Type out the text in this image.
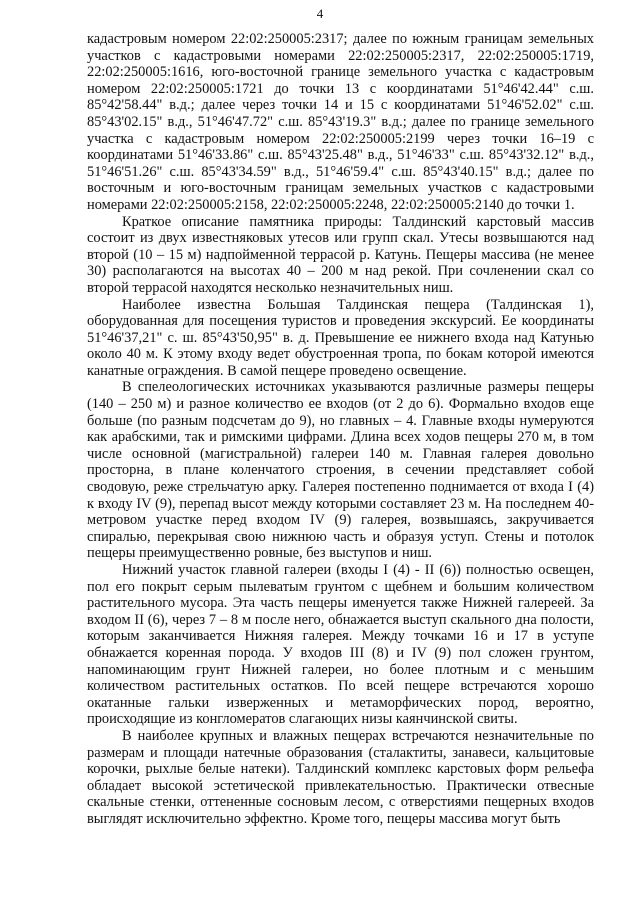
4

кадастровым номером 22:02:250005:2317; далее по южным границам земельных участков с кадастровыми номерами 22:02:250005:2317, 22:02:250005:1719, 22:02:250005:1616, юго-восточной границе земельного участка с кадастровым номером 22:02:250005:1721 до точки 13 с координатами 51°46'42.44" с.ш. 85°42'58.44" в.д.; далее через точки 14 и 15 с координатами 51°46'52.02" с.ш. 85°43'02.15" в.д., 51°46'47.72" с.ш. 85°43'19.3" в.д.; далее по границе земельного участка с кадастровым номером 22:02:250005:2199 через точки 16–19 с координатами 51°46'33.86" с.ш. 85°43'25.48" в.д., 51°46'33" с.ш. 85°43'32.12" в.д., 51°46'51.26" с.ш. 85°43'34.59" в.д., 51°46'59.4" с.ш. 85°43'40.15" в.д.; далее по восточным и юго-восточным границам земельных участков с кадастровыми номерами 22:02:250005:2158, 22:02:250005:2248, 22:02:250005:2140 до точки 1.

Краткое описание памятника природы: Талдинский карстовый массив состоит из двух известняковых утесов или групп скал. Утесы возвышаются над второй (10 – 15 м) надпойменной террасой р. Катунь. Пещеры массива (не менее 30) располагаются на высотах 40 – 200 м над рекой. При сочленении скал со второй террасой находятся несколько незначительных ниш.

Наиболее известна Большая Талдинская пещера (Талдинская 1), оборудованная для посещения туристов и проведения экскурсий. Ее координаты 51°46'37,21" с. ш. 85°43'50,95" в. д. Превышение ее нижнего входа над Катунью около 40 м. К этому входу ведет обустроенная тропа, по бокам которой имеются канатные ограждения. В самой пещере проведено освещение.

В спелеологических источниках указываются различные размеры пещеры (140 – 250 м) и разное количество ее входов (от 2 до 6). Формально входов еще больше (по разным подсчетам до 9), но главных – 4. Главные входы нумеруются как арабскими, так и римскими цифрами. Длина всех ходов пещеры 270 м, в том числе основной (магистральной) галереи 140 м. Главная галерея довольно просторна, в плане коленчатого строения, в сечении представляет собой сводовую, реже стрельчатую арку. Галерея постепенно поднимается от входа I (4) к входу IV (9), перепад высот между которыми составляет 23 м. На последнем 40-метровом участке перед входом IV (9) галерея, возвышаясь, закручивается спиралью, перекрывая свою нижнюю часть и образуя уступ. Стены и потолок пещеры преимущественно ровные, без выступов и ниш.

Нижний участок главной галереи (входы I (4) - II (6)) полностью освещен, пол его покрыт серым пылеватым грунтом с щебнем и большим количеством растительного мусора. Эта часть пещеры именуется также Нижней галереей. За входом II (6), через 7 – 8 м после него, обнажается выступ скального дна полости, которым заканчивается Нижняя галерея. Между точками 16 и 17 в уступе обнажается коренная порода. У входов III (8) и IV (9) пол сложен грунтом, напоминающим грунт Нижней галереи, но более плотным и с меньшим количеством растительных остатков. По всей пещере встречаются хорошо окатанные гальки изверженных и метаморфических пород, вероятно, происходящие из конгломератов слагающих низы каянчинской свиты.

В наиболее крупных и влажных пещерах встречаются незначительные по размерам и площади натечные образования (сталактиты, занавеси, кальцитовые корочки, рыхлые белые натеки). Талдинский комплекс карстовых форм рельефа обладает высокой эстетической привлекательностью. Практически отвесные скальные стенки, оттененные сосновым лесом, с отверстиями пещерных входов выглядят исключительно эффектно. Кроме того, пещеры массива могут быть
